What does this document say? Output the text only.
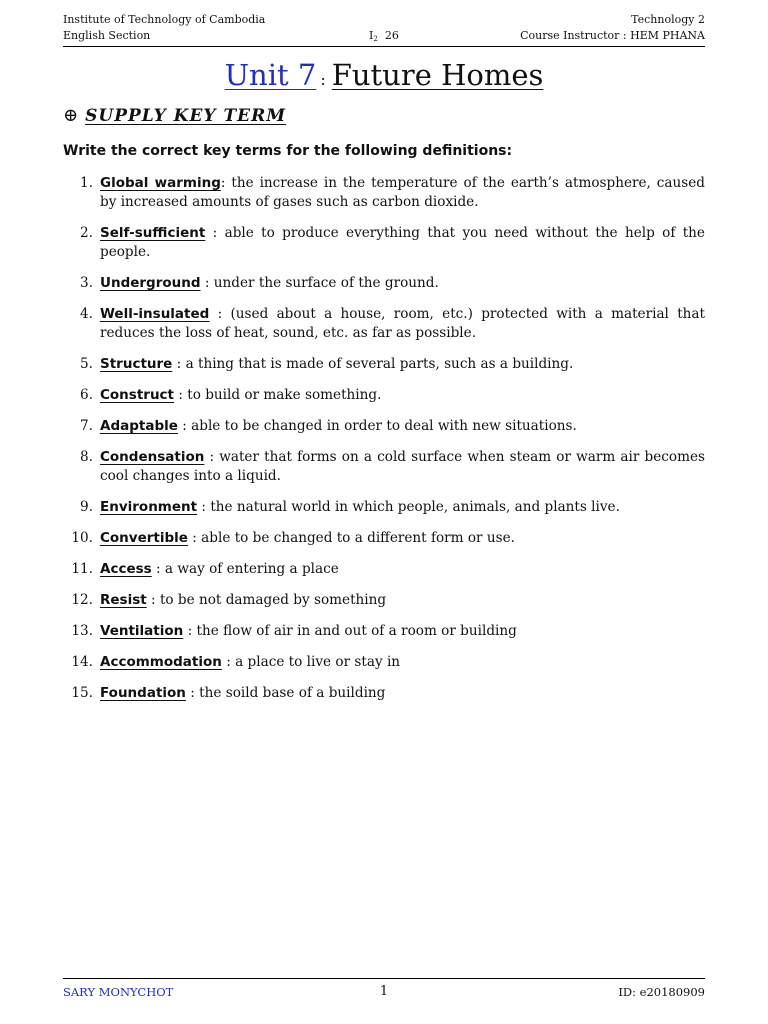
Institute of Technology of Cambodia	Technology 2
English Section	$I_2$ 26	Course Instructor : HEM PHANA
Unit 7 : Future Homes
⊕ SUPPLY KEY TERM
Write the correct key terms for the following definitions:
1. Global warming: the increase in the temperature of the earth’s atmosphere, caused by increased amounts of gases such as carbon dioxide.
2. Self-sufficient : able to produce everything that you need without the help of the people.
3. Underground : under the surface of the ground.
4. Well-insulated : (used about a house, room, etc.) protected with a material that reduces the loss of heat, sound, etc. as far as possible.
5. Structure : a thing that is made of several parts, such as a building.
6. Construct : to build or make something.
7. Adaptable : able to be changed in order to deal with new situations.
8. Condensation : water that forms on a cold surface when steam or warm air becomes cool changes into a liquid.
9. Environment : the natural world in which people, animals, and plants live.
10. Convertible : able to be changed to a different form or use.
11. Access : a way of entering a place
12. Resist : to be not damaged by something
13. Ventilation : the flow of air in and out of a room or building
14. Accommodation : a place to live or stay in
15. Foundation : the soild base of a building
SARY MONYCHOT	1	ID: e20180909
